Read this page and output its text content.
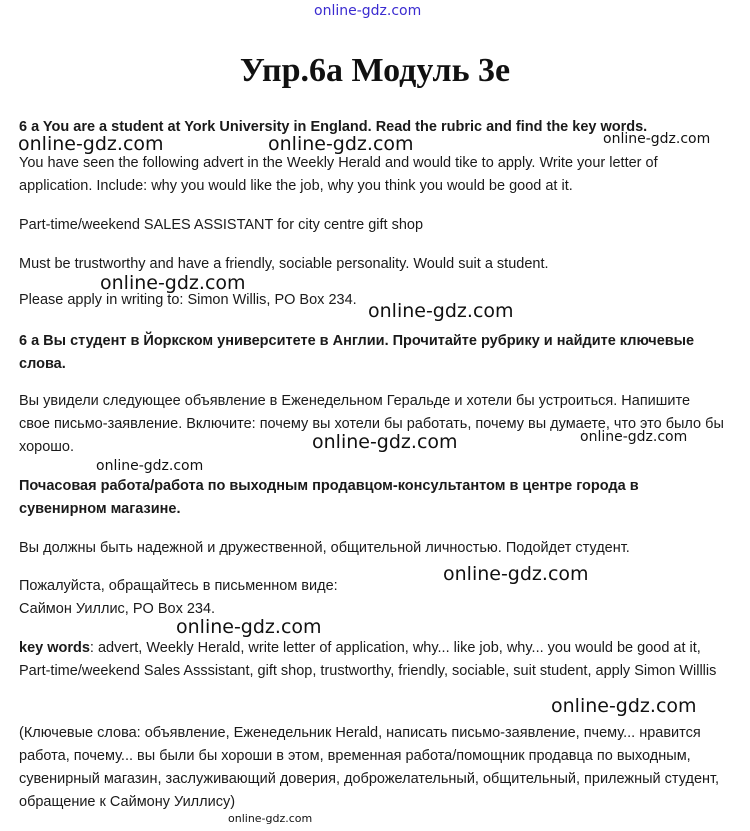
online-gdz.com
Упр.6а Модуль 3е

6 a You are a student at York University in England. Read the rubric and find the key words.

You have seen the following advert in the Weekly Herald and would tike to apply. Write your letter of application. Include: why you would like the job, why you think you would be good at it.

Part-time/weekend SALES ASSISTANT for city centre gift shop

Must be trustworthy and have a friendly, sociable personality. Would suit a student.

Please apply in writing to: Simon Willis, PO Box 234.

6 а Вы студент в Йоркском университете в Англии. Прочитайте рубрику и найдите ключевые слова.

Вы увидели следующее объявление в Еженедельном Геральде и хотели бы устроиться. Напишите свое письмо-заявление. Включите: почему вы хотели бы работать, почему вы думаете, что это было бы хорошо.

Почасовая работа/работа по выходным продавцом-консультантом в центре города в сувенирном магазине.

Вы должны быть надежной и дружественной, общительной личностью. Подойдет студент.

Пожалуйста, обращайтесь в письменном виде:

Саймон Уиллис, PO Box 234.

key words: advert, Weekly Herald, write letter of application, why... like job, why... you would be good at it, Part-time/weekend Sales Asssistant, gift shop, trustworthy, friendly, sociable, suit student, apply Simon Willlis

(Ключевые слова: объявление, Еженедельник Herald, написать письмо-заявление, пчему... нравится работа, почему... вы были бы хороши в этом, временная работа/помощник продавца по выходным, сувенирный магазин, заслуживающий доверия, доброжелательный, общительный, прилежный студент, обращение к Саймону Уиллису)

online-gdz.com	online-gdz.com	online-gdz.com
online-gdz.com
online-gdz.com
online-gdz.com
online-gdz.com
online-gdz.com
online-gdz.com
online-gdz.com
online-gdz.com
online-gdz.com
